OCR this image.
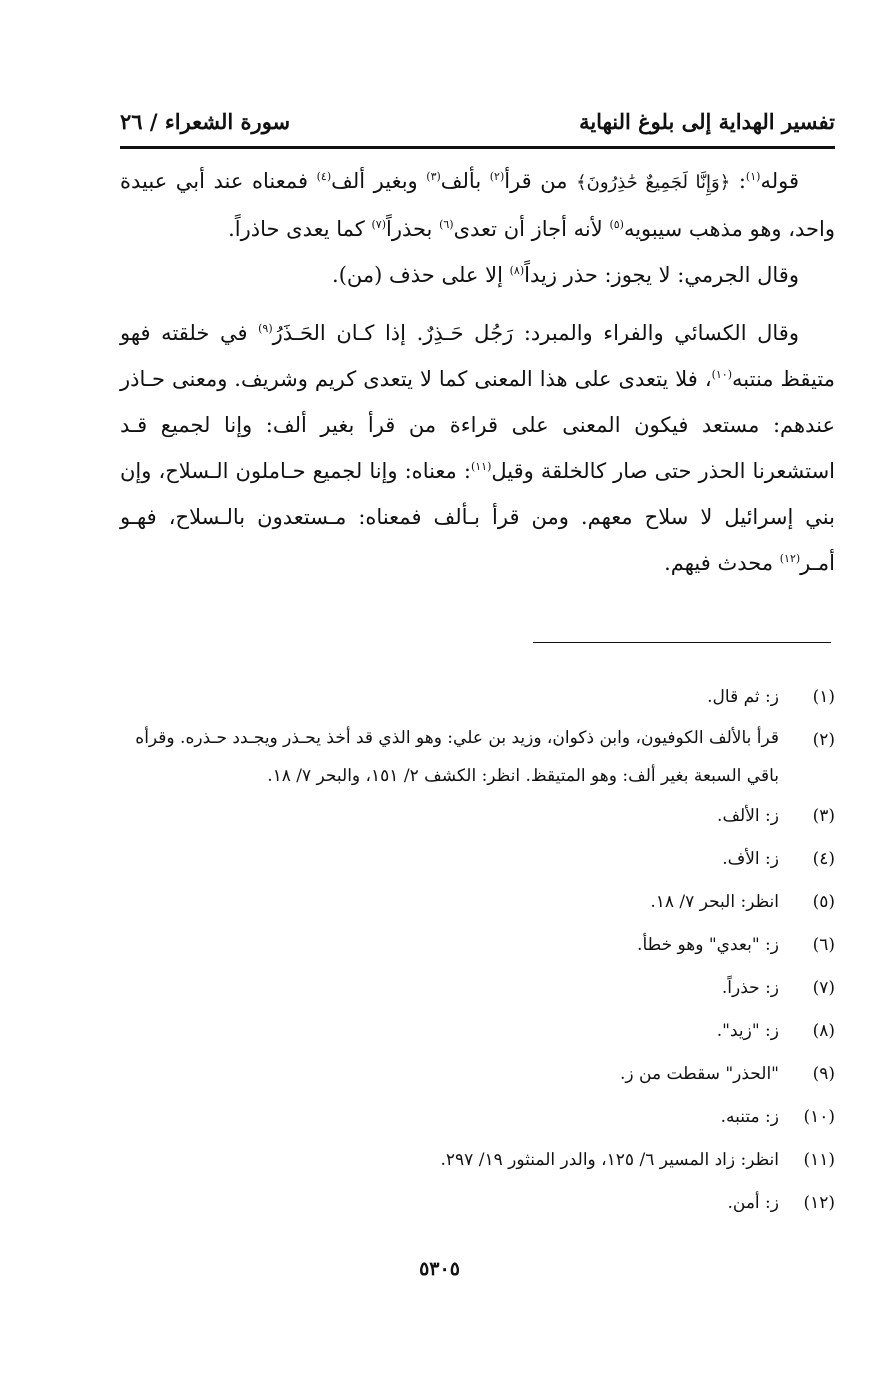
تفسير الهداية إلى بلوغ النهاية
سورة الشعراء / ٢٦

قوله$^{(١)}$: ﴿وَإِنَّا لَجَمِيعٌ حَٰذِرُونَ﴾ من قرأ$^{(٢)}$ بألف$^{(٣)}$ وبغير ألف$^{(٤)}$ فمعناه عند أبي عبيدة واحد، وهو مذهب سيبويه$^{(٥)}$ لأنه أجاز أن تعدى$^{(٦)}$ بحذراً$^{(٧)}$ كما يعدى حاذراً.

وقال الجرمي: لا يجوز: حذر زيداً$^{(٨)}$ إلا على حذف (من).

وقال الكسائي والفراء والمبرد: رَجُل حَـذِرٌ. إذا كـان الحَـذَرُ$^{(٩)}$ في خلقته فهو متيقظ منتبه$^{(١٠)}$، فلا يتعدى على هذا المعنى كما لا يتعدى كريم وشريف. ومعنى حـاذر عندهم: مستعد فيكون المعنى على قراءة من قرأ بغير ألف: وإنا لجميع قـد استشعرنا الحذر حتى صار كالخلقة وقيل$^{(١١)}$: معناه: وإنا لجميع حـاملون الـسلاح، وإن بني إسرائيل لا سلاح معهم. ومن قرأ بـألف فمعناه: مـستعدون بالـسلاح، فهـو أمـر$^{(١٢)}$ محدث فيهم.

(١)
ز: ثم قال.
(٢)
قرأ بالألف الكوفيون، وابن ذكوان، وزيد بن علي: وهو الذي قد أخذ يحـذر ويجـدد حـذره. وقرأه باقي السبعة بغير ألف: وهو المتيقظ. انظر: الكشف ٢/ ١٥١، والبحر ٧/ ١٨.
(٣)
ز: الألف.
(٤)
ز: الأف.
(٥)
انظر: البحر ٧/ ١٨.
(٦)
ز: "بعدي" وهو خطأ.
(٧)
ز: حذراً.
(٨)
ز: "زيد".
(٩)
"الحذر" سقطت من ز.
(١٠)
ز: متنبه.
(١١)
انظر: زاد المسير ٦/ ١٢٥، والدر المنثور ١٩/ ٢٩٧.
(١٢)
ز: أمن.
٥٣٠٥
